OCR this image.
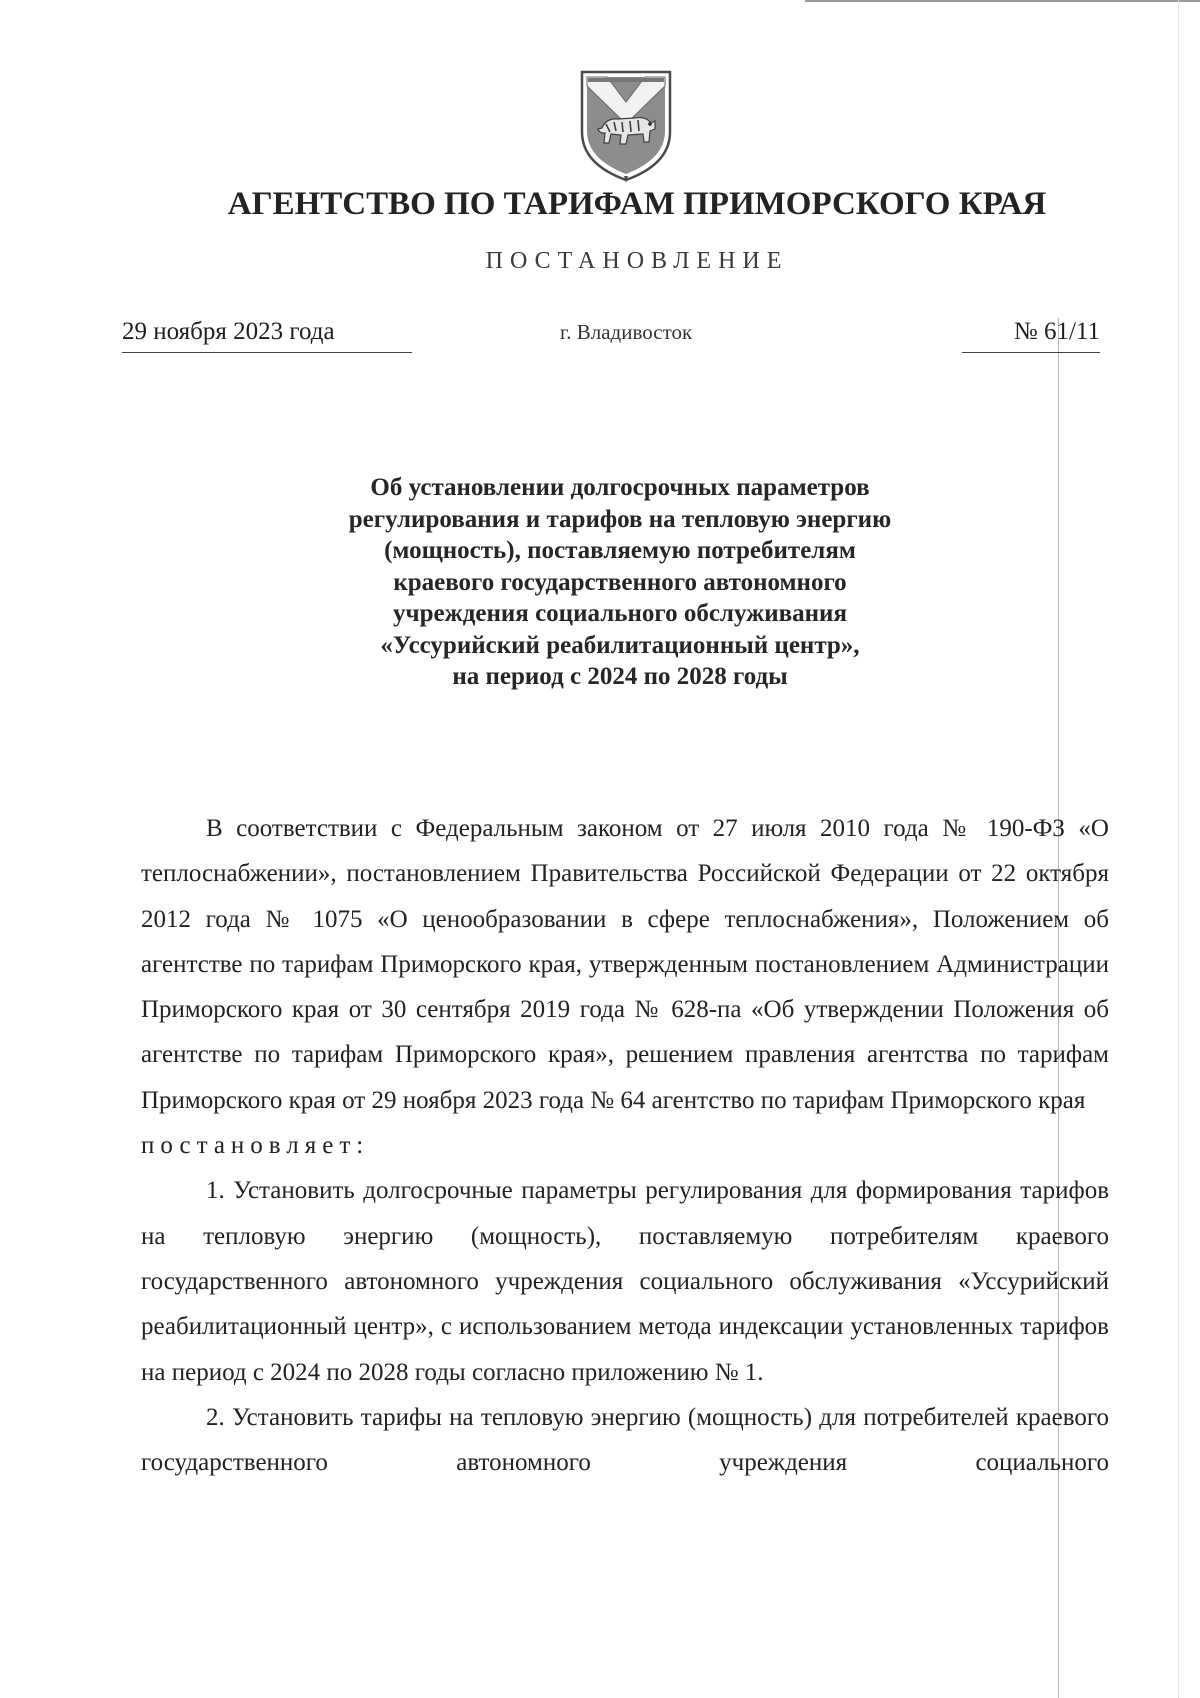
АГЕНТСТВО ПО ТАРИФАМ ПРИМОРСКОГО КРАЯ
ПОСТАНОВЛЕНИЕ
29 ноября 2023 года	г. Владивосток	№ 61/11
Об установлении долгосрочных параметров
регулирования и тарифов на тепловую энергию
(мощность), поставляемую потребителям
краевого государственного автономного
учреждения социального обслуживания
«Уссурийский реабилитационный центр»,
на период с 2024 по 2028 годы

В соответствии с Федеральным законом от 27 июля 2010 года № 190-ФЗ «О теплоснабжении», постановлением Правительства Российской Федерации от 22 октября 2012 года № 1075 «О ценообразовании в сфере теплоснабжения», Положением об агентстве по тарифам Приморского края, утвержденным постановлением Администрации Приморского края от 30 сентября 2019 года № 628-па «Об утверждении Положения об агентстве по тарифам Приморского края», решением правления агентства по тарифам Приморского края от 29 ноября 2023 года № 64 агентство по тарифам Приморского края

постановляет:

1. Установить долгосрочные параметры регулирования для формирования тарифов на тепловую энергию (мощность), поставляемую потребителям краевого государственного автономного учреждения социального обслуживания «Уссурийский реабилитационный центр», с использованием метода индексации установленных тарифов на период с 2024 по 2028 годы согласно приложению № 1.

2. Установить тарифы на тепловую энергию (мощность) для потребителей краевого государственного автономного учреждения социального
